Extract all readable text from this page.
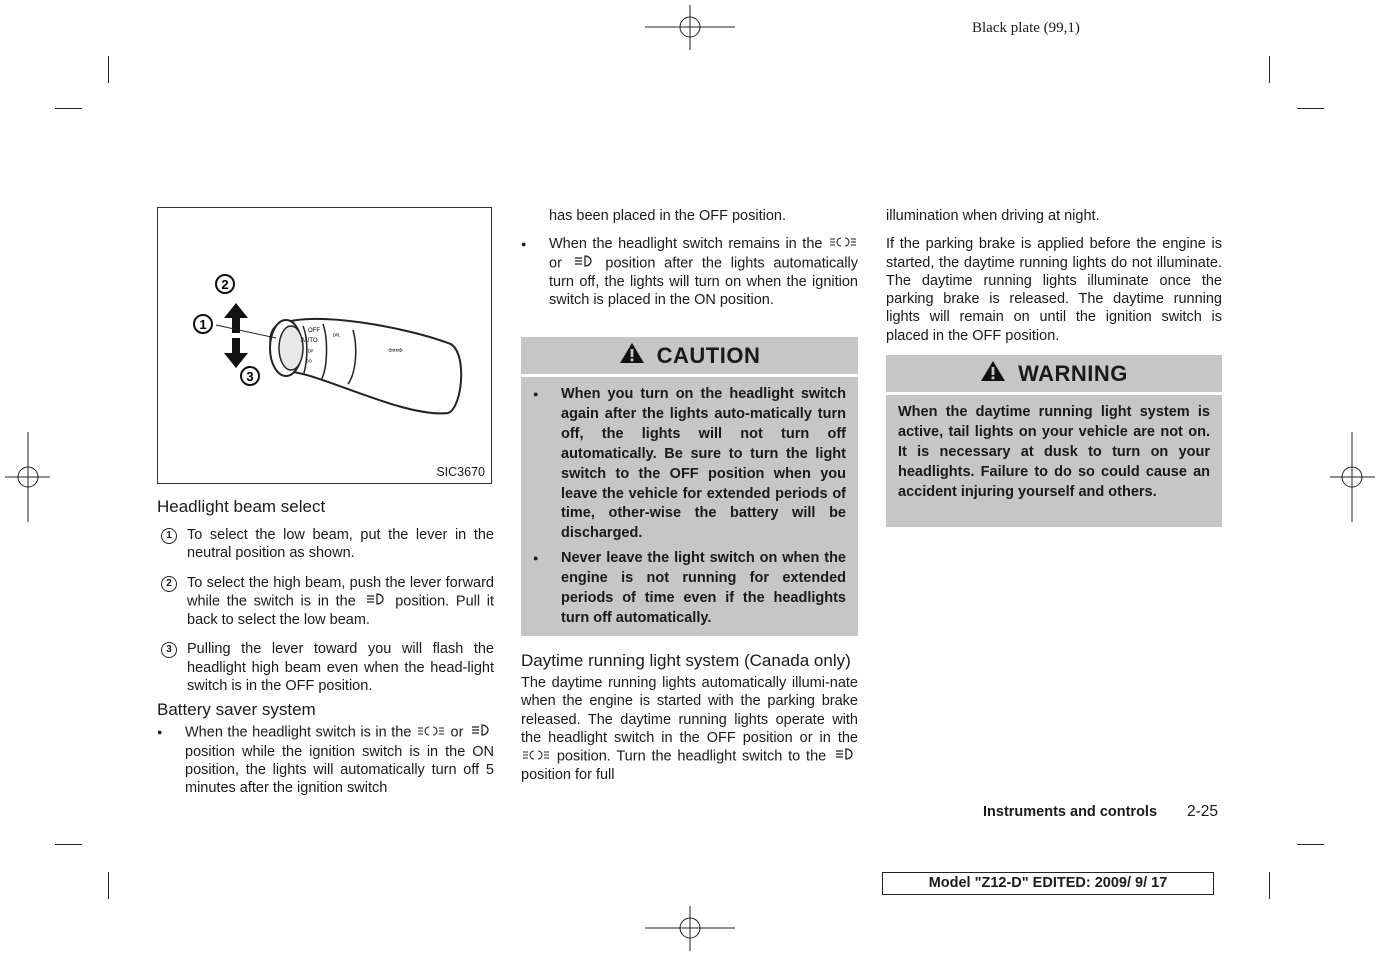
Black plate (99,1)
OFF
AUTO
ᴰᴾ
ᴰᴼ
ᴰᴾᴸ
⇦⇨
2
1
3
SIC3670
Headlight beam select
1	To select the low beam, put the lever in the neutral position as shown.
2	To select the high beam, push the lever forward while the switch is in the	position. Pull it back to select the low beam.
3	Pulling the lever toward you will flash the headlight high beam even when the head-light switch is in the OFF position.
Battery saver system
● When the headlight switch is in the	or  position while the ignition switch is in the ON position, the lights will automatically turn off 5 minutes after the ignition switch

has been placed in the OFF position.

● When the headlight switch remains in the  or	position after the lights automatically turn off, the lights will turn on when the ignition switch is placed in the ON position.
CAUTION
● When you turn on the headlight switch again after the lights auto-matically turn off, the lights will not turn off automatically. Be sure to turn the light switch to the OFF position when you leave the vehicle for extended periods of time, other-wise the battery will be discharged.
● Never leave the light switch on when the engine is not running for extended periods of time even if the headlights turn off automatically.
Daytime running light system (Canada only)

The daytime running lights automatically illumi-nate when the engine is started with the parking brake released. The daytime running lights operate with the headlight switch in the OFF position or in the  position. Turn the headlight switch to the  position for full

illumination when driving at night.

If the parking brake is applied before the engine is started, the daytime running lights do not illuminate. The daytime running lights illuminate once the parking brake is released. The daytime running lights will remain on until the ignition switch is placed in the OFF position.

WARNING

When the daytime running light system is active, tail lights on your vehicle are not on. It is necessary at dusk to turn on your headlights. Failure to do so could cause an accident injuring yourself and others.

Instruments and controls 2-25
Model "Z12-D" EDITED: 2009/ 9/ 17
